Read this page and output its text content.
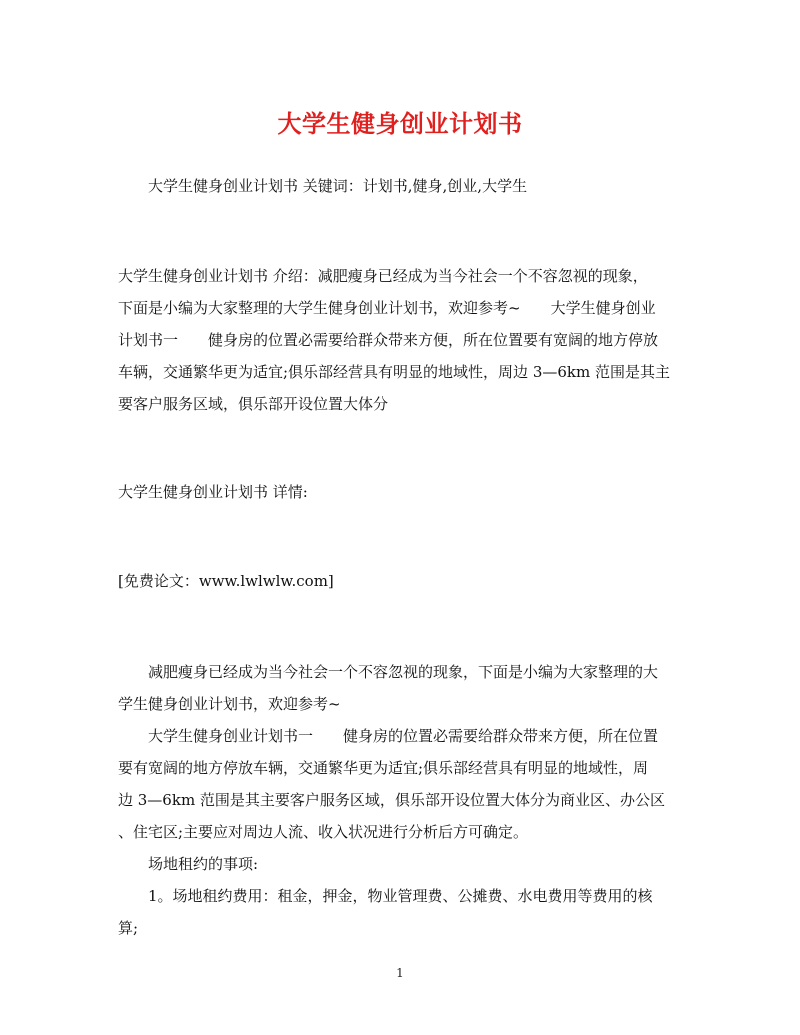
大学生健身创业计划书
大学生健身创业计划书 关键词：计划书,健身,创业,大学生
大学生健身创业计划书 介绍：减肥瘦身已经成为当今社会一个不容忽视的现象，
下面是小编为大家整理的大学生健身创业计划书，欢迎参考~　　大学生健身创业
计划书一　　健身房的位置必需要给群众带来方便，所在位置要有宽阔的地方停放
车辆，交通繁华更为适宜;俱乐部经营具有明显的地域性，周边 3—6km 范围是其主
要客户服务区域，俱乐部开设位置大体分
大学生健身创业计划书 详情:
[免费论文：www.lwlwlw.com]
减肥瘦身已经成为当今社会一个不容忽视的现象，下面是小编为大家整理的大
学生健身创业计划书，欢迎参考~
大学生健身创业计划书一　　健身房的位置必需要给群众带来方便，所在位置
要有宽阔的地方停放车辆，交通繁华更为适宜;俱乐部经营具有明显的地域性，周
边 3—6km 范围是其主要客户服务区域，俱乐部开设位置大体分为商业区、办公区
、住宅区;主要应对周边人流、收入状况进行分析后方可确定。
场地租约的事项:
1。场地租约费用：租金，押金，物业管理费、公摊费、水电费用等费用的核
算;
1
